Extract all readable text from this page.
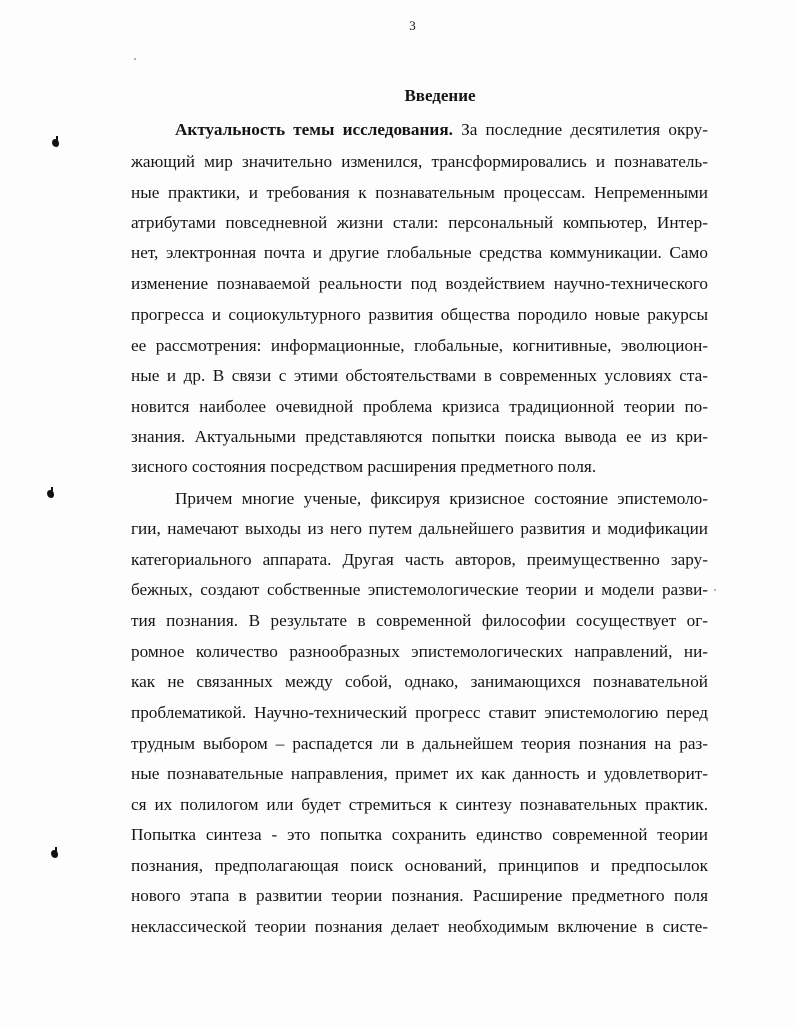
3
Введение
Актуальность темы исследования. За последние десятилетия окру-
жающий мир значительно изменился, трансформировались и познаватель-
ные практики, и требования к познавательным процессам. Непременными
атрибутами повседневной жизни стали: персональный компьютер, Интер-
нет, электронная почта и другие глобальные средства коммуникации. Само
изменение познаваемой реальности под воздействием научно-технического
прогресса и социокультурного развития общества породило новые ракурсы
ее рассмотрения: информационные, глобальные, когнитивные, эволюцион-
ные и др. В связи с этими обстоятельствами в современных условиях ста-
новится наиболее очевидной проблема кризиса традиционной теории по-
знания. Актуальными представляются попытки поиска вывода ее из кри-
зисного состояния посредством расширения предметного поля.
Причем многие ученые, фиксируя кризисное состояние эпистемоло-
гии, намечают выходы из него путем дальнейшего развития и модификации
категориального аппарата. Другая часть авторов, преимущественно зару-
бежных, создают собственные эпистемологические теории и модели разви-
тия познания. В результате в современной философии сосуществует ог-
ромное количество разнообразных эпистемологических направлений, ни-
как не связанных между собой, однако, занимающихся познавательной
проблематикой. Научно-технический прогресс ставит эпистемологию перед
трудным выбором – распадется ли в дальнейшем теория познания на раз-
ные познавательные направления, примет их как данность и удовлетворит-
ся их полилогом или будет стремиться к синтезу познавательных практик.
Попытка синтеза - это попытка сохранить единство современной теории
познания, предполагающая поиск оснований, принципов и предпосылок
нового этапа в развитии теории познания. Расширение предметного поля
неклассической теории познания делает необходимым включение в систе-
